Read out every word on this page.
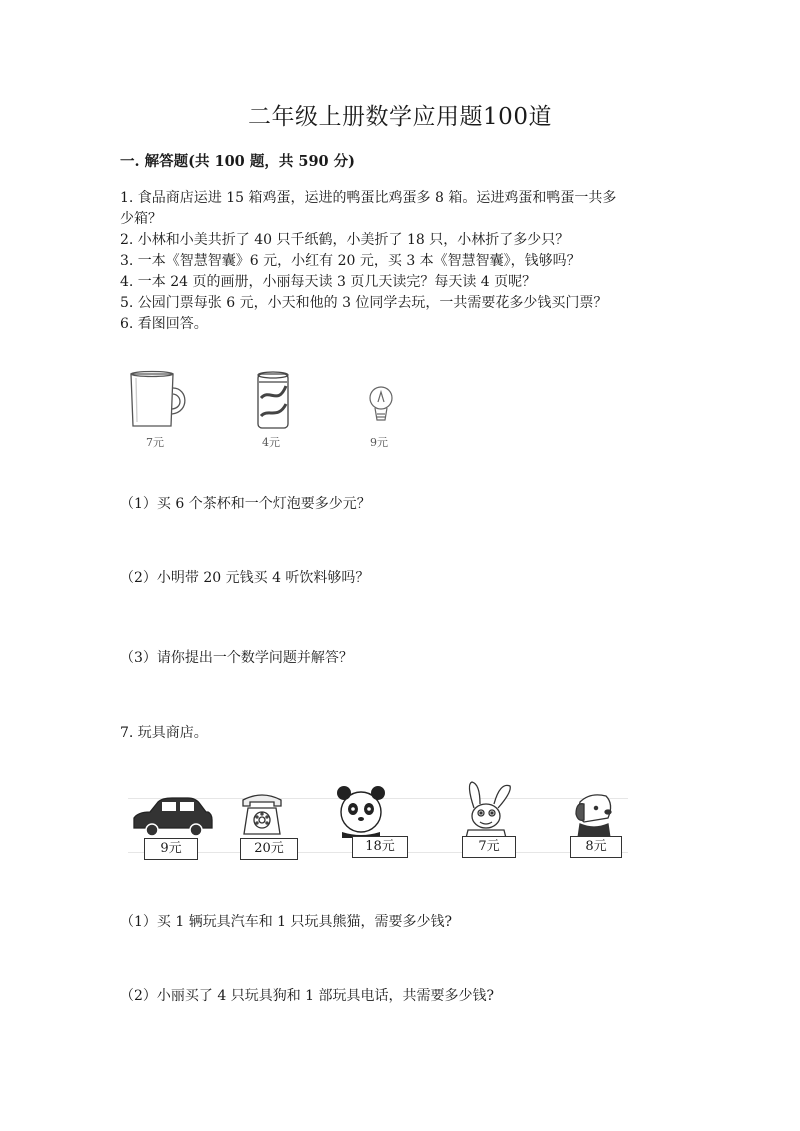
二年级上册数学应用题100道
一. 解答题(共 100 题，共 590 分)
1. 食品商店运进 15 箱鸡蛋，运进的鸭蛋比鸡蛋多 8 箱。运进鸡蛋和鸭蛋一共多
少箱？
2. 小林和小美共折了 40 只千纸鹤，小美折了 18 只，小林折了多少只？
3. 一本《智慧智囊》6 元，小红有 20 元，买 3 本《智慧智囊》，钱够吗？
4. 一本 24 页的画册，小丽每天读 3 页几天读完？每天读 4 页呢？
5. 公园门票每张 6 元，小天和他的 3 位同学去玩，一共需要花多少钱买门票？
6. 看图回答。
7元	4元	9元
（1）买 6 个茶杯和一个灯泡要多少元？
（2）小明带 20 元钱买 4 听饮料够吗？
（3）请你提出一个数学问题并解答？
7. 玩具商店。
9元	20元	18元	7元	8元
（1）买 1 辆玩具汽车和 1 只玩具熊猫，需要多少钱?
（2）小丽买了 4 只玩具狗和 1 部玩具电话，共需要多少钱?
